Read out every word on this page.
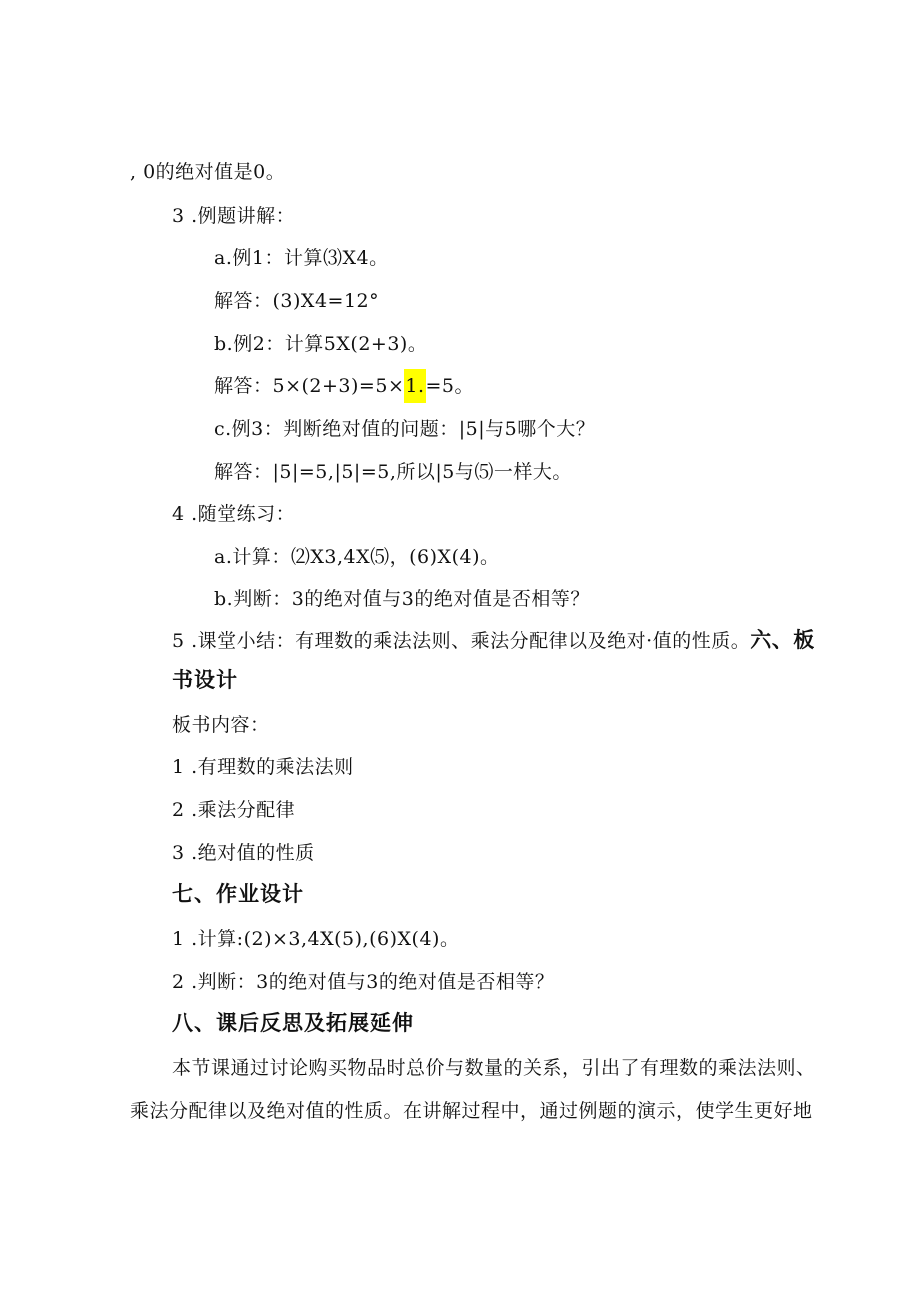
, 0的绝对值是0。
3 .例题讲解：
a.例1：计算⑶X4。
解答：(3)X4=12°
b.例2：计算5X(2+3)。
解答：5×(2+3)=5×1.=5。
c.例3：判断绝对值的问题：|5|与5哪个大？
解答：|5|=5,|5|=5,所以|5与⑸一样大。
4 .随堂练习：
a.计算：⑵X3,4X⑸，(6)X(4)。
b.判断：3的绝对值与3的绝对值是否相等？
5 .课堂小结：有理数的乘法法则、乘法分配律以及绝对·值的性质。六、板
书设计
板书内容：
1 .有理数的乘法法则
2 .乘法分配律
3 .绝对值的性质
七、作业设计
1 .计算:(2)×3,4X(5),(6)X(4)。
2 .判断：3的绝对值与3的绝对值是否相等？
八、课后反思及拓展延伸
本节课通过讨论购买物品时总价与数量的关系，引出了有理数的乘法法则、
乘法分配律以及绝对值的性质。在讲解过程中，通过例题的演示，使学生更好地
